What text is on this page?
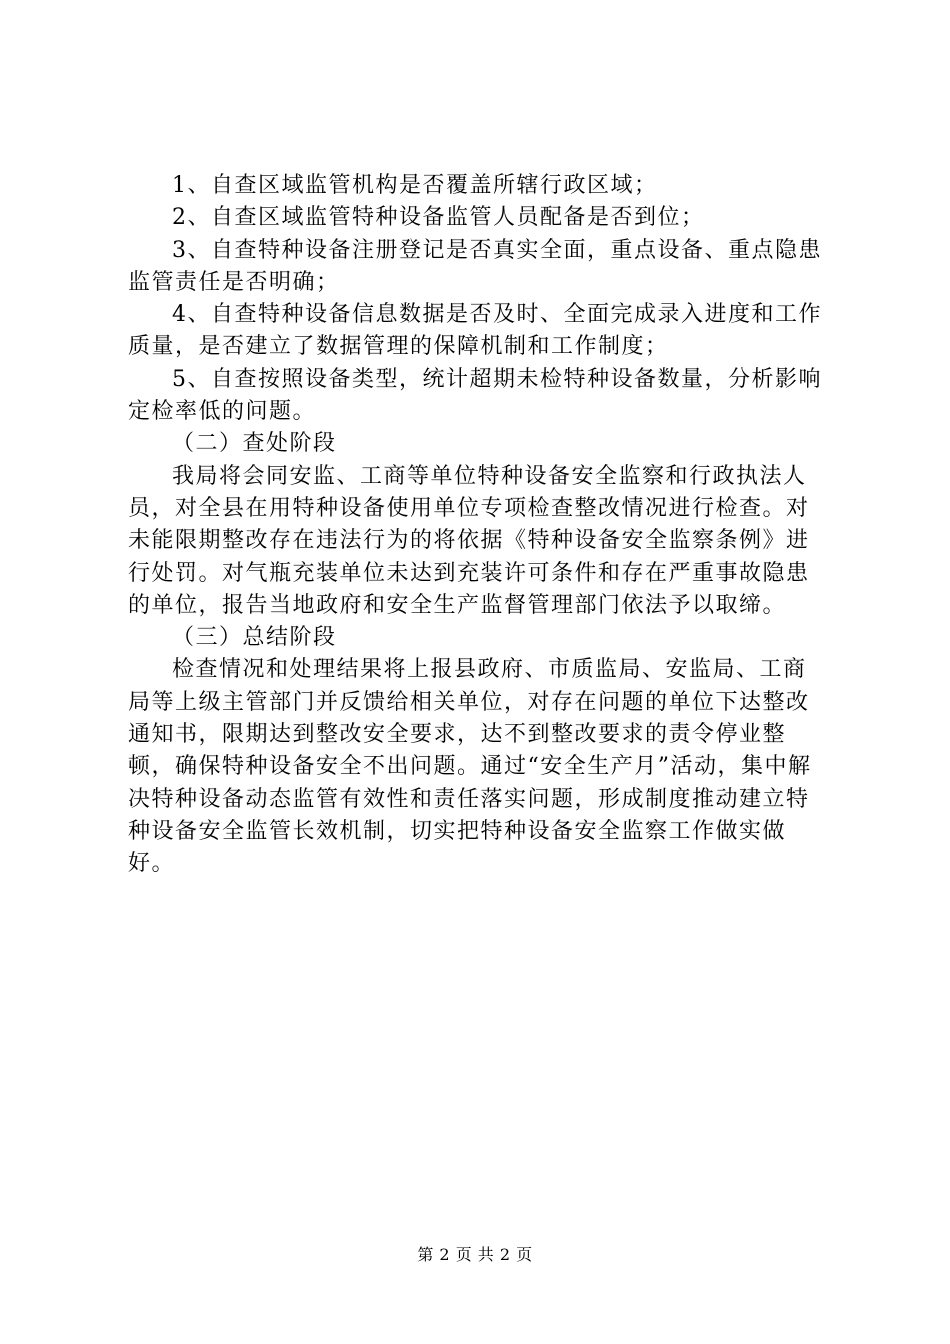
1、自查区域监管机构是否覆盖所辖行政区域；

2、自查区域监管特种设备监管人员配备是否到位；

3、自查特种设备注册登记是否真实全面，重点设备、重点隐患监管责任是否明确；

4、自查特种设备信息数据是否及时、全面完成录入进度和工作质量，是否建立了数据管理的保障机制和工作制度；

5、自查按照设备类型，统计超期未检特种设备数量，分析影响定检率低的问题。

（二）查处阶段

我局将会同安监、工商等单位特种设备安全监察和行政执法人员，对全县在用特种设备使用单位专项检查整改情况进行检查。对未能限期整改存在违法行为的将依据《特种设备安全监察条例》进行处罚。对气瓶充装单位未达到充装许可条件和存在严重事故隐患的单位，报告当地政府和安全生产监督管理部门依法予以取缔。

（三）总结阶段

检查情况和处理结果将上报县政府、市质监局、安监局、工商局等上级主管部门并反馈给相关单位，对存在问题的单位下达整改通知书，限期达到整改安全要求，达不到整改要求的责令停业整顿，确保特种设备安全不出问题。通过“安全生产月”活动，集中解决特种设备动态监管有效性和责任落实问题，形成制度推动建立特种设备安全监管长效机制，切实把特种设备安全监察工作做实做好。

第 2 页 共 2 页
